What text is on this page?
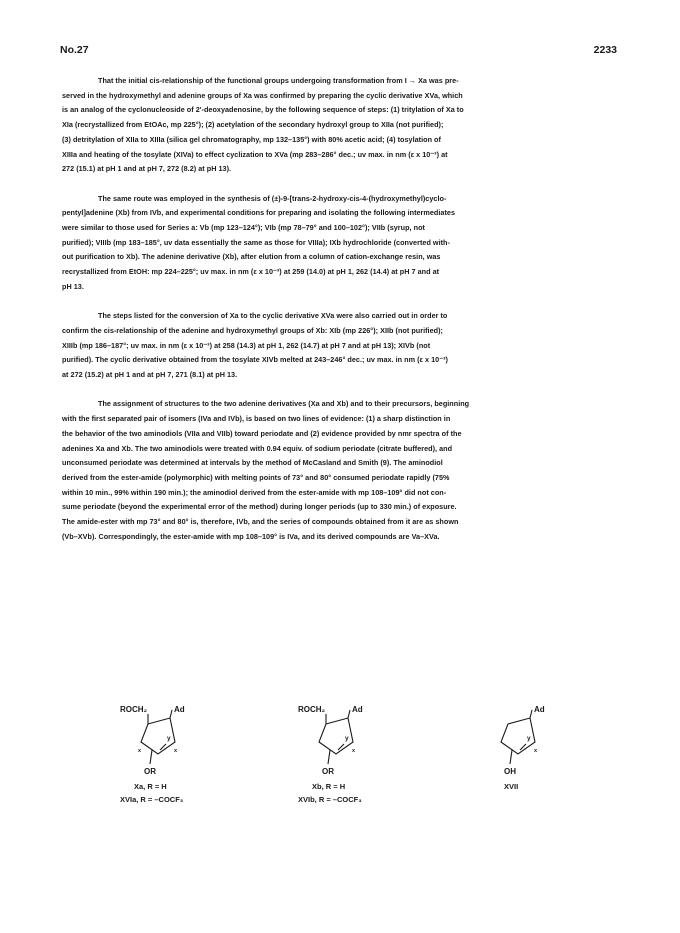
No.27	2233
That the initial cis-relationship of the functional groups undergoing transformation from I → Xa was pre-
served in the hydroxymethyl and adenine groups of Xa was confirmed by preparing the cyclic derivative XVa, which
is an analog of the cyclonucleoside of 2'-deoxyadenosine, by the following sequence of steps: (1) tritylation of Xa to
XIa (recrystallized from EtOAc, mp 225°); (2) acetylation of the secondary hydroxyl group to XIIa (not purified);
(3) detritylation of XIIa to XIIIa (silica gel chromatography, mp 132–135°) with 80% acetic acid; (4) tosylation of
XIIIa and heating of the tosylate (XIVa) to effect cyclization to XVa (mp 283–286° dec.; uv max. in nm (ε x 10⁻³) at
272 (15.1) at pH 1 and at pH 7, 272 (8.2) at pH 13).
The same route was employed in the synthesis of (±)-9-[trans-2-hydroxy-cis-4-(hydroxymethyl)cyclo-
pentyl]adenine (Xb) from IVb, and experimental conditions for preparing and isolating the following intermediates
were similar to those used for Series a: Vb (mp 123–124°); VIb (mp 78–79° and 100–102°); VIIb (syrup, not
purified); VIIIb (mp 183–185°, uv data essentially the same as those for VIIIa); IXb hydrochloride (converted with-
out purification to Xb). The adenine derivative (Xb), after elution from a column of cation-exchange resin, was
recrystallized from EtOH: mp 224–225°; uv max. in nm (ε x 10⁻³) at 259 (14.0) at pH 1, 262 (14.4) at pH 7 and at
pH 13.
The steps listed for the conversion of Xa to the cyclic derivative XVa were also carried out in order to
confirm the cis-relationship of the adenine and hydroxymethyl groups of Xb: XIb (mp 226°); XIIb (not purified);
XIIIb (mp 186–187°; uv max. in nm (ε x 10⁻³) at 258 (14.3) at pH 1, 262 (14.7) at pH 7 and at pH 13); XIVb (not
purified). The cyclic derivative obtained from the tosylate XIVb melted at 243–246° dec.; uv max. in nm (ε x 10⁻³)
at 272 (15.2) at pH 1 and at pH 7, 271 (8.1) at pH 13.
The assignment of structures to the two adenine derivatives (Xa and Xb) and to their precursors, beginning
with the first separated pair of isomers (IVa and IVb), is based on two lines of evidence: (1) a sharp distinction in
the behavior of the two aminodiols (VIIa and VIIb) toward periodate and (2) evidence provided by nmr spectra of the
adenines Xa and Xb. The two aminodiols were treated with 0.94 equiv. of sodium periodate (citrate buffered), and
unconsumed periodate was determined at intervals by the method of McCasland and Smith (9). The aminodiol
derived from the ester-amide (polymorphic) with melting points of 73° and 80° consumed periodate rapidly (75%
within 10 min., 99% within 190 min.); the aminodiol derived from the ester-amide with mp 108–109° did not con-
sume periodate (beyond the experimental error of the method) during longer periods (up to 330 min.) of exposure.
The amide-ester with mp 73° and 80° is, therefore, IVb, and the series of compounds obtained from it are as shown
(Vb–XVb). Correspondingly, the ester-amide with mp 108–109° is IVa, and its derived compounds are Va–XVa.
ROCH₂	Ad
y
x	x
OR
Xa, R = H
XVIa, R = –COCF₃
ROCH₂	Ad
y
x
OR
Xb, R = H
XVIb, R = –COCF₃
Ad
y
x
OH
XVII
